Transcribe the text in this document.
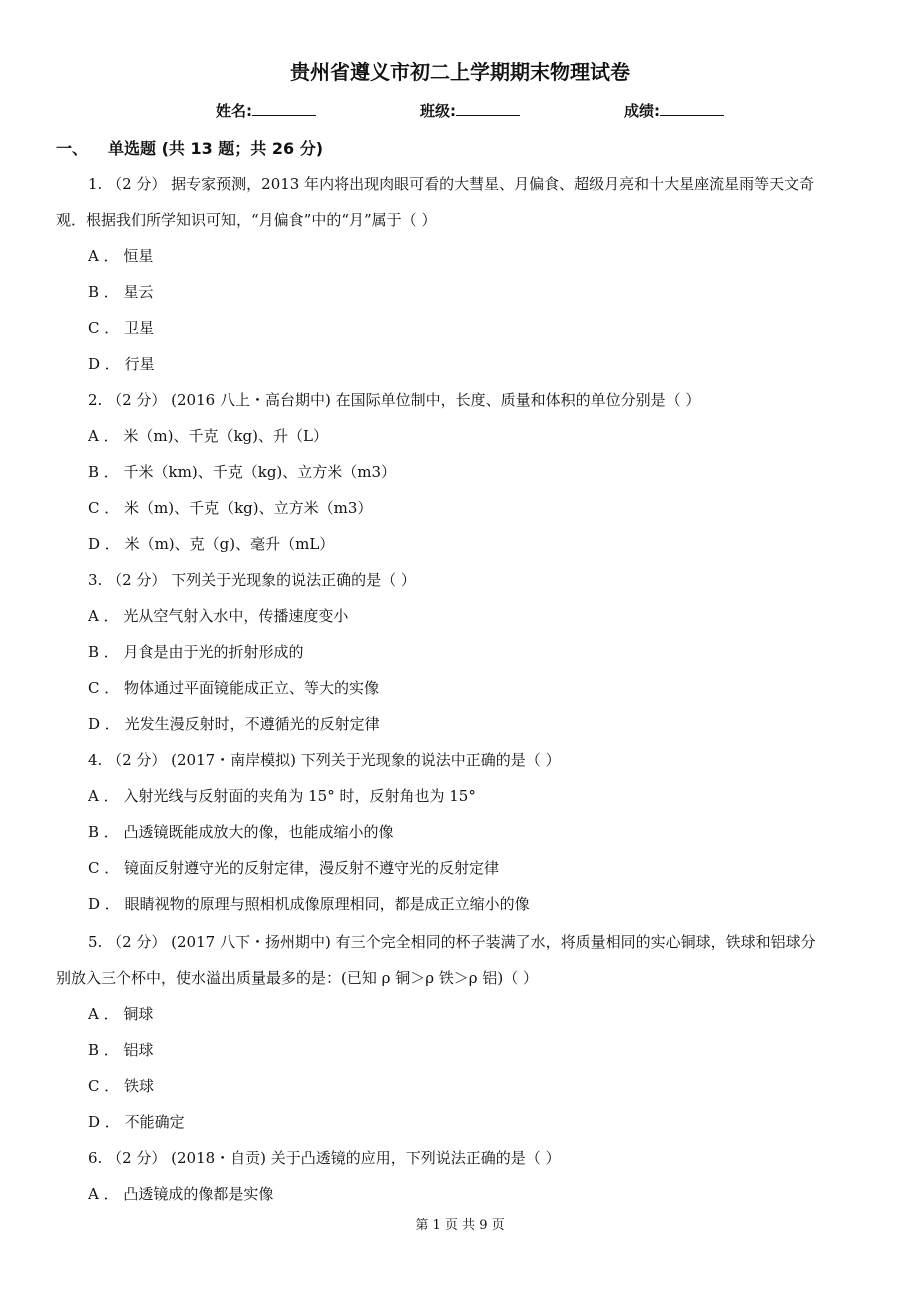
贵州省遵义市初二上学期期末物理试卷
姓名:	班级:	成绩:
一、 单选题 (共 13 题；共 26 分)
1. （2 分） 据专家预测，2013 年内将出现肉眼可看的大彗星、月偏食、超级月亮和十大星座流星雨等天文奇
观．根据我们所学知识可知，“月偏食”中的“月”属于（ ）
A ． 恒星
B ． 星云
C ． 卫星
D ． 行星
2. （2 分） (2016 八上・高台期中) 在国际单位制中，长度、质量和体积的单位分别是（ ）
A ． 米（m)、千克（kg)、升（L）
B ． 千米（km)、千克（kg)、立方米（m3）
C ． 米（m)、千克（kg)、立方米（m3）
D ． 米（m)、克（g)、毫升（mL）
3. （2 分） 下列关于光现象的说法正确的是（ ）
A ． 光从空气射入水中，传播速度变小
B ． 月食是由于光的折射形成的
C ． 物体通过平面镜能成正立、等大的实像
D ． 光发生漫反射时，不遵循光的反射定律
4. （2 分） (2017・南岸模拟) 下列关于光现象的说法中正确的是（ ）
A ． 入射光线与反射面的夹角为 15° 时，反射角也为 15°
B ． 凸透镜既能成放大的像，也能成缩小的像
C ． 镜面反射遵守光的反射定律，漫反射不遵守光的反射定律
D ． 眼睛视物的原理与照相机成像原理相同，都是成正立缩小的像
5. （2 分） (2017 八下・扬州期中) 有三个完全相同的杯子装满了水，将质量相同的实心铜球，铁球和铝球分
别放入三个杯中，使水溢出质量最多的是：(已知 ρ 铜＞ρ 铁＞ρ 铝)（ ）
A ． 铜球
B ． 铝球
C ． 铁球
D ． 不能确定
6. （2 分） (2018・自贡) 关于凸透镜的应用，下列说法正确的是（ ）
A ． 凸透镜成的像都是实像
第 1 页 共 9 页
